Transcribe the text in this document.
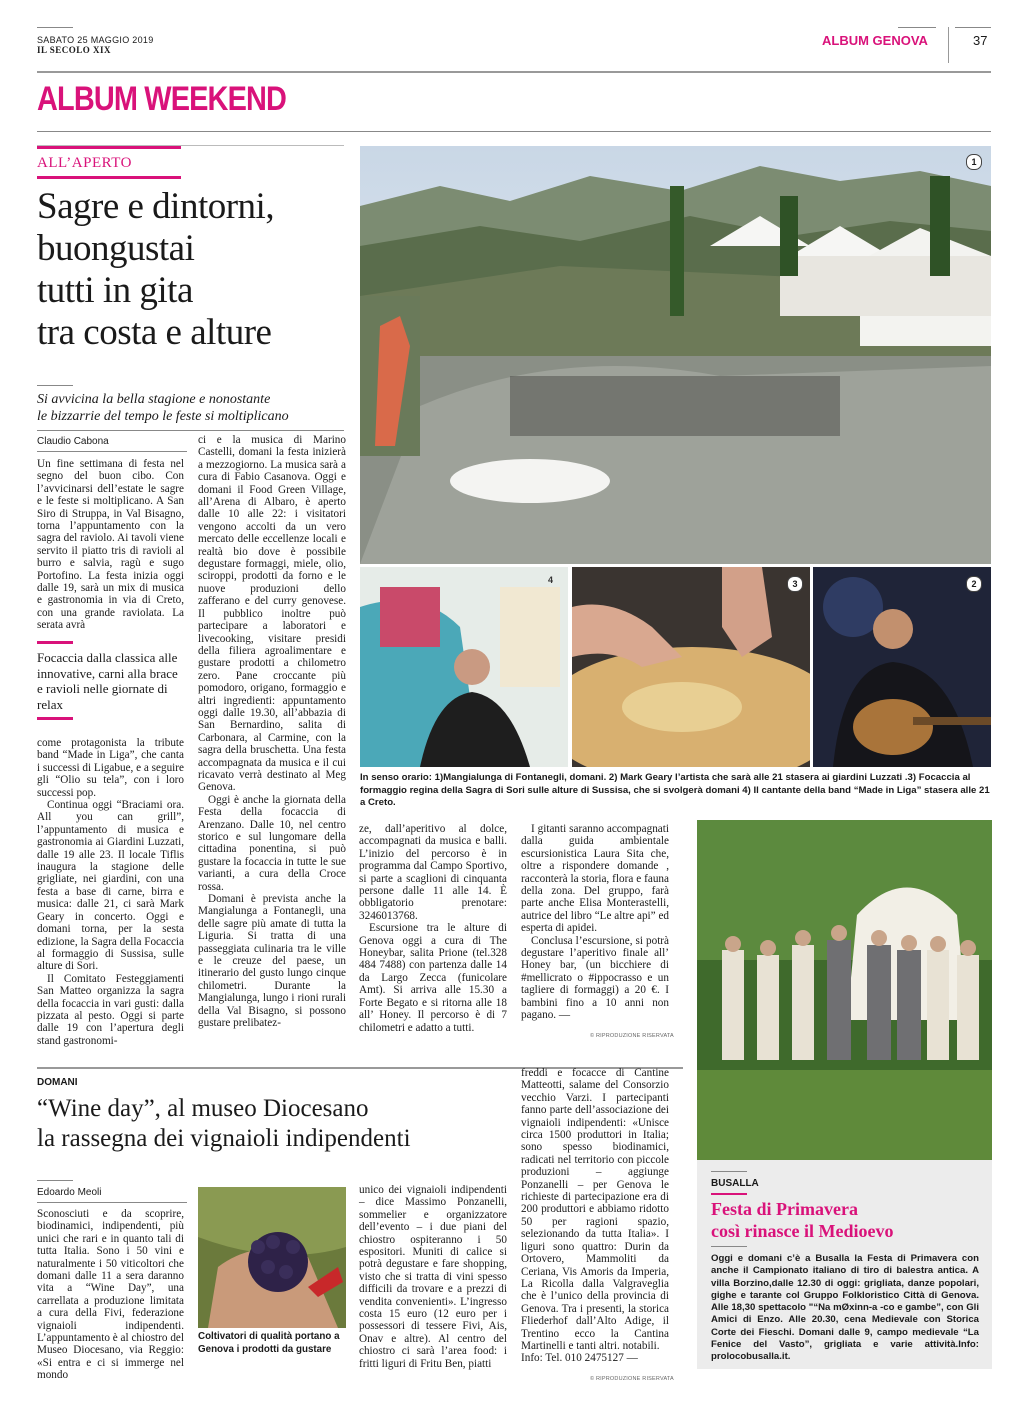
SABATO 25 MAGGIO 2019
IL SECOLO XIX
ALBUM GENOVA	37
ALBUM WEEKEND
ALL’APERTO
Sagre e dintorni,
buongustai
tutti in gita
tra costa e alture
Si avvicina la bella stagione e nonostante
le bizzarrie del tempo le feste si moltiplicano
Claudio Cabona

Un fine settimana di festa nel segno del buon cibo. Con l’avvicinarsi dell’estate le sagre e le feste si moltiplicano. A San Siro di Struppa, in Val Bisagno, torna l’appuntamento con la sagra del raviolo. Ai tavoli viene servito il piatto tris di ravioli al burro e salvia, ragù e sugo Portofino. La festa inizia oggi dalle 19, sarà un mix di musica e gastronomia in via di Creto, con una grande raviolata. La serata avrà

Focaccia dalla classica alle innovative, carni alla brace e ravioli nelle giornate di relax

come protagonista la tribute band “Made in Liga”, che canta i successi di Ligabue, e a seguire gli “Olio su tela”, con i loro successi pop.

Continua oggi “Braciami ora. All you can grill”, l’appuntamento di musica e gastronomia ai Giardini Luzzati, dalle 19 alle 23. Il locale Tiflis inaugura la stagione delle grigliate, nei giardini, con una festa a base di carne, birra e musica: dalle 21, ci sarà Mark Geary in concerto. Oggi e domani torna, per la sesta edizione, la Sagra della Focaccia al formaggio di Sussisa, sulle alture di Sori.

Il Comitato Festeggiamenti San Matteo organizza la sagra della focaccia in vari gusti: dalla pizzata al pesto. Oggi si parte dalle 19 con l’apertura degli stand gastronomi-

ci e la musica di Marino Castelli, domani la festa inizierà a mezzogiorno. La musica sarà a cura di Fabio Casanova. Oggi e domani il Food Green Village, all’Arena di Albaro, è aperto dalle 10 alle 22: i visitatori vengono accolti da un vero mercato delle eccellenze locali e realtà bio dove è possibile degustare formaggi, miele, olio, sciroppi, prodotti da forno e le nuove produzioni dello zafferano e del curry genovese. Il pubblico inoltre può partecipare a laboratori e livecooking, visitare presidi della filiera agroalimentare e gustare prodotti a chilometro zero. Pane croccante più pomodoro, origano, formaggio e altri ingredienti: appuntamento oggi dalle 19.30, all’abbazia di San Bernardino, salita di Carbonara, al Carmine, con la sagra della bruschetta. Una festa accompagnata da musica e il cui ricavato verrà destinato al Meg Genova.

Oggi è anche la giornata della Festa della focaccia di Arenzano. Dalle 10, nel centro storico e sul lungomare della cittadina ponentina, si può gustare la focaccia in tutte le sue varianti, a cura della Croce rossa.

Domani è prevista anche la Mangialunga a Fontanegli, una delle sagre più amate di tutta la Liguria. Si tratta di una passeggiata culinaria tra le ville e le creuze del paese, un itinerario del gusto lungo cinque chilometri. Durante la Mangialunga, lungo i rioni rurali della Val Bisagno, si possono gustare prelibatez-

1
4	3	2
In senso orario: 1)Mangialunga di Fontanegli, domani. 2) Mark Geary l’artista che sarà alle 21 stasera ai giardini Luzzati .3) Focaccia al formaggio regina della Sagra di Sori sulle alture di Sussisa, che si svolgerà domani 4) Il cantante della band “Made in Liga” stasera alle 21 a Creto.

ze, dall’aperitivo al dolce, accompagnati da musica e balli. L’inizio del percorso è in programma dal Campo Sportivo, si parte a scaglioni di cinquanta persone dalle 11 alle 14. È obbligatorio prenotare: 3246013768.

Escursione tra le alture di Genova oggi a cura di The Honeybar, salita Prione (tel.328 484 7488) con partenza dalle 14 da Largo Zecca (funicolare Amt). Si arriva alle 15.30 a Forte Begato e si ritorna alle 18 all’ Honey. Il percorso è di 7 chilometri e adatto a tutti.

I gitanti saranno accompagnati dalla guida ambientale escursionistica Laura Sita che, oltre a rispondere domande , racconterà la storia, flora e fauna della zona. Del gruppo, farà parte anche Elisa Monterastelli, autrice del libro “Le altre api” ed esperta di apidei.

Conclusa l’escursione, si potrà degustare l’aperitivo finale all’ Honey bar, (un bicchiere di #mellicrato o #ippocrasso e un tagliere di formaggi) a 20 €. I bambini fino a 10 anni non pagano. —

© RIPRODUZIONE RISERVATA
BUSALLA
Festa di Primavera
così rinasce il Medioevo
Oggi e domani c’è a Busalla la Festa di Primavera con anche il Campionato italiano di tiro di balestra antica. A villa Borzino,dalle 12.30 di oggi: grigliata, danze popolari, gighe e tarante col Gruppo Folkloristico Città di Genova. Alle 18,30 spettacolo "“Na mØxinn-a -co e gambe”, con Gli Amici di Enzo. Alle 20.30, cena Medievale con Storica Corte dei Fieschi. Domani dalle 9, campo medievale “La Fenice del Vasto”, grigliata e varie attività.Info: prolocobusalla.it.
DOMANI
“Wine day”, al museo Diocesano
la rassegna dei vignaioli indipendenti
Edoardo Meoli

Sconosciuti e da scoprire, biodinamici, indipendenti, più unici che rari e in quanto tali di tutta Italia. Sono i 50 vini e naturalmente i 50 viticoltori che domani dalle 11 a sera daranno vita a “Wine Day”, una carrellata a produzione limitata a cura della Fivi, federazione vignaioli indipendenti. L’appuntamento è al chiostro del Museo Diocesano, via Reggio: «Si entra e ci si immerge nel mondo

Coltivatori di qualità portano a Genova i prodotti da gustare

unico dei vignaioli indipendenti – dice Massimo Ponzanelli, sommelier e organizzatore dell’evento – i due piani del chiostro ospiteranno i 50 espositori. Muniti di calice si potrà degustare e fare shopping, visto che si tratta di vini spesso difficili da trovare e a prezzi di vendita convenienti». L’ingresso costa 15 euro (12 euro per i possessori di tessere Fivi, Ais, Onav e altre). Al centro del chiostro ci sarà l’area food: i fritti liguri di Fritu Ben, piatti

freddi e focacce di Cantine Matteotti, salame del Consorzio vecchio Varzi. I partecipanti fanno parte dell’associazione dei vignaioli indipendenti: «Unisce circa 1500 produttori in Italia; sono spesso biodinamici, radicati nel territorio con piccole produzioni – aggiunge Ponzanelli – per Genova le richieste di partecipazione era di 200 produttori e abbiamo ridotto 50 per ragioni spazio, selezionando da tutta Italia». I liguri sono quattro: Durin da Ortovero, Mammoliti da Ceriana, Vis Amoris da Imperia, La Ricolla dalla Valgraveglia che è l’unico della provincia di Genova. Tra i presenti, la storica Fliederhof dall’Alto Adige, il Trentino ecco la Cantina Martinelli e tanti altri. notabili.

Info: Tel. 010 2475127 —

© RIPRODUZIONE RISERVATA
